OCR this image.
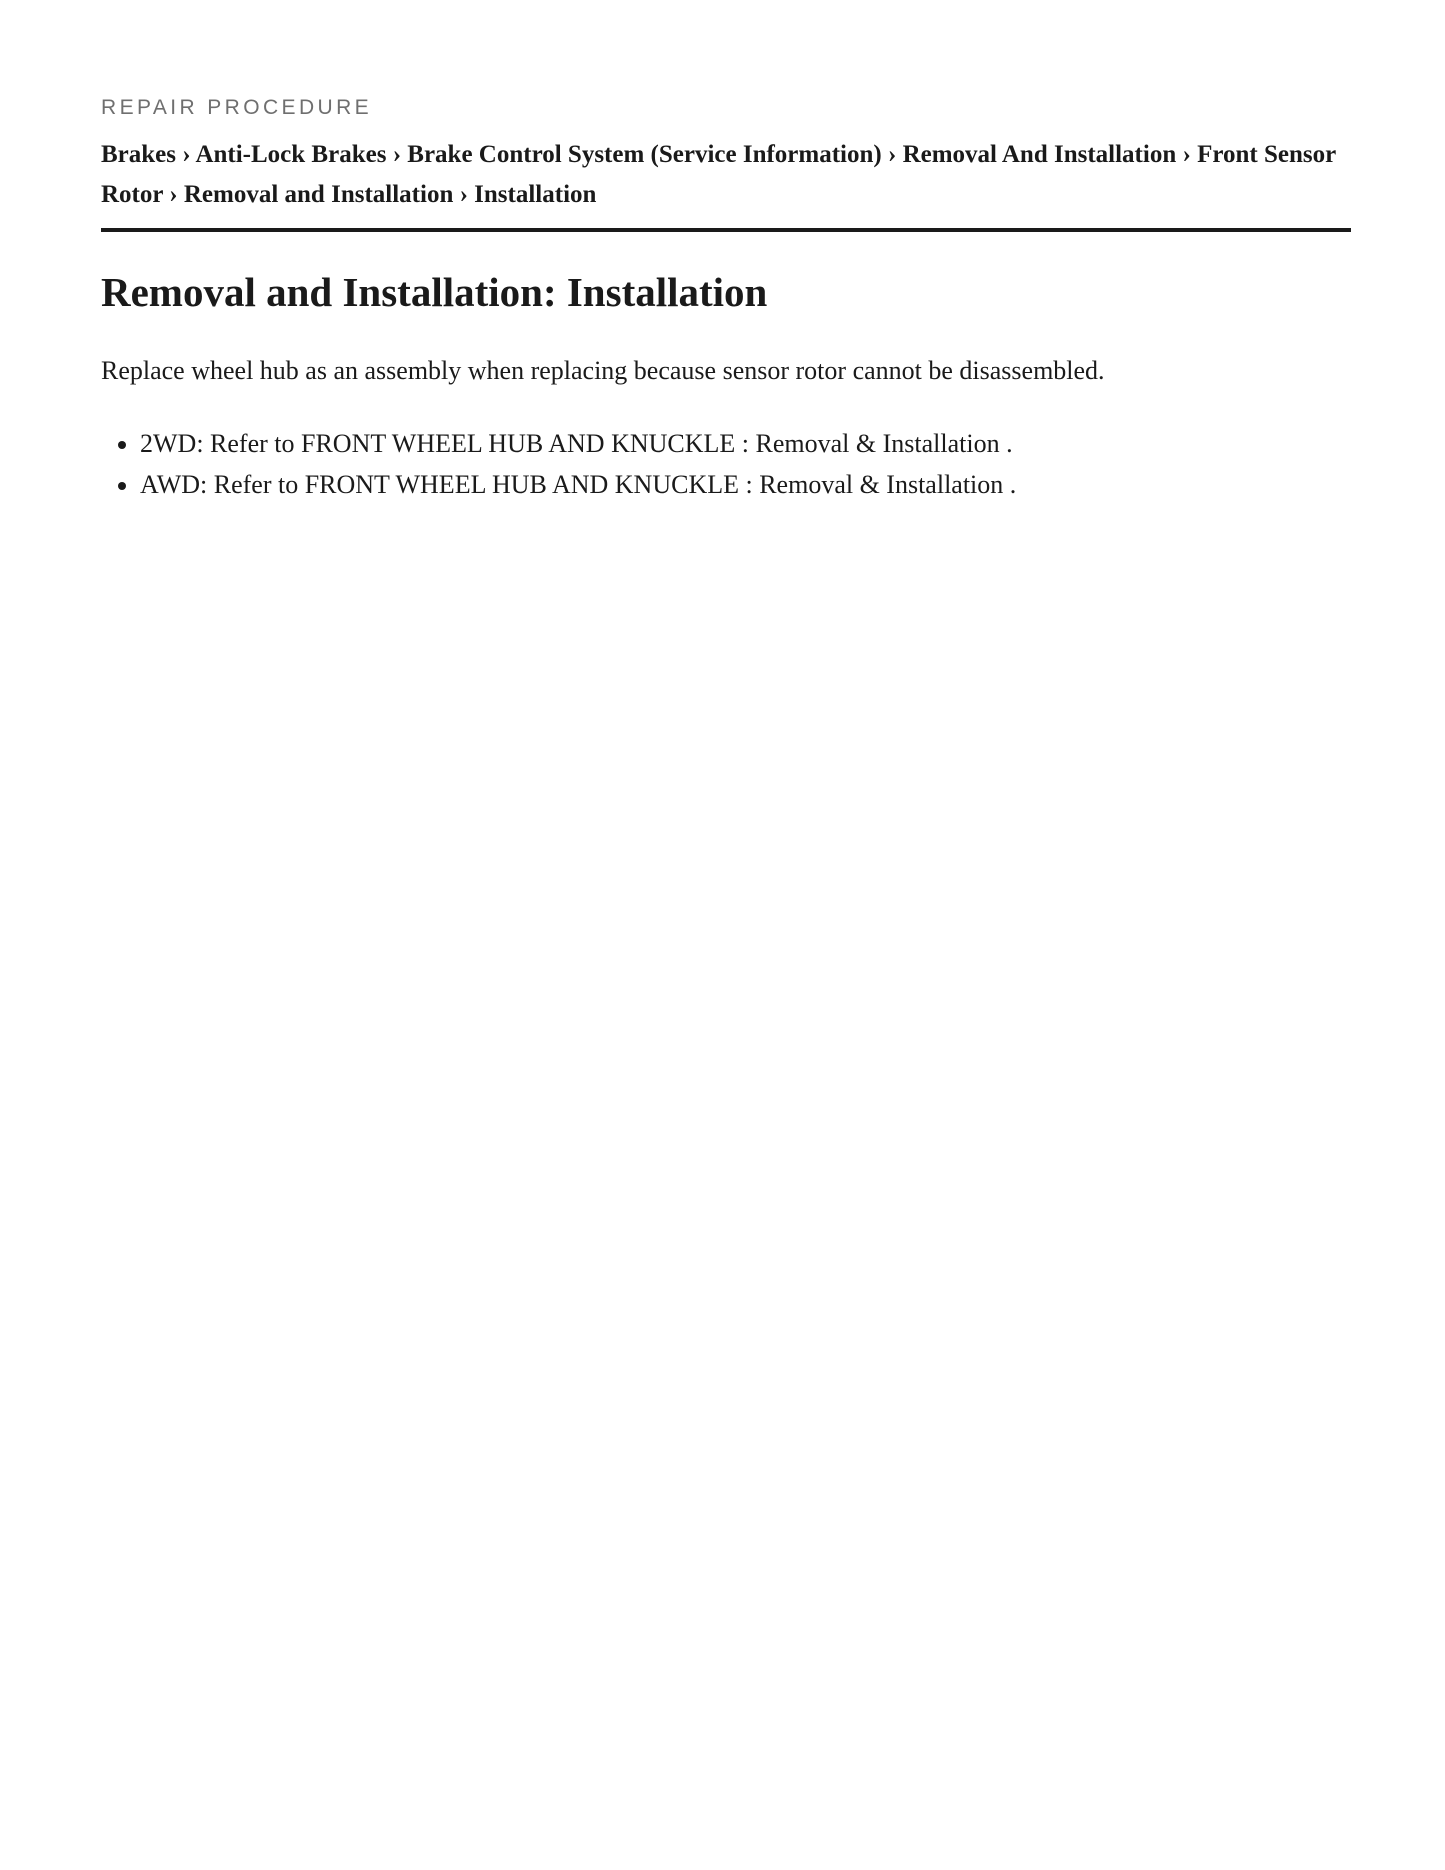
REPAIR PROCEDURE
Brakes › Anti-Lock Brakes › Brake Control System (Service Information) › Removal And Installation › Front Sensor Rotor › Removal and Installation › Installation
Removal and Installation: Installation

Replace wheel hub as an assembly when replacing because sensor rotor cannot be disassembled.

• 2WD: Refer to FRONT WHEEL HUB AND KNUCKLE : Removal & Installation .
• AWD: Refer to FRONT WHEEL HUB AND KNUCKLE : Removal & Installation .
